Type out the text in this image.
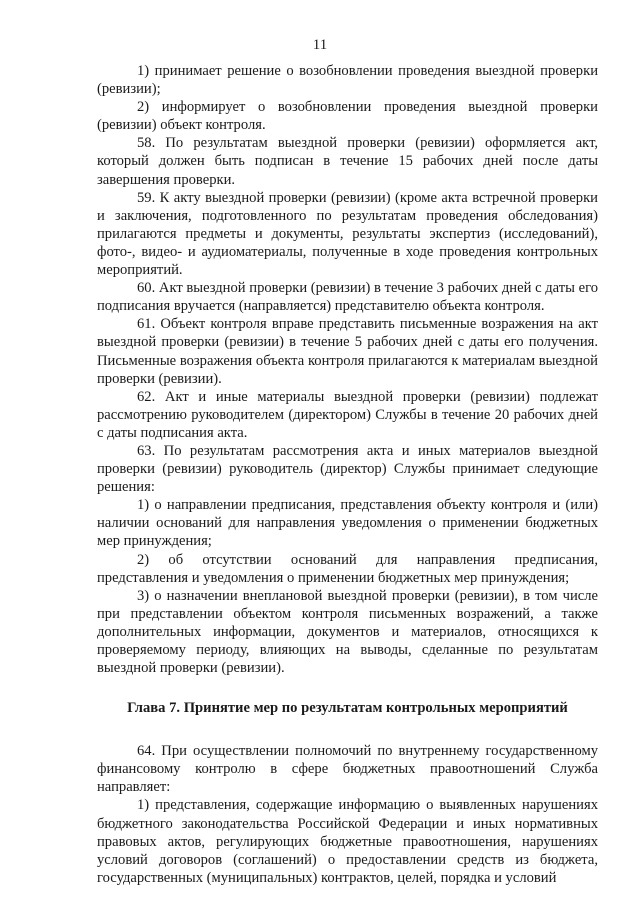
11

1) принимает решение о возобновлении проведения выездной проверки (ревизии);

2) информирует о возобновлении проведения выездной проверки (ревизии) объект контроля.

58. По результатам выездной проверки (ревизии) оформляется акт, который должен быть подписан в течение 15 рабочих дней после даты завершения проверки.

59. К акту выездной проверки (ревизии) (кроме акта встречной проверки и заключения, подготовленного по результатам проведения обследования) прилагаются предметы и документы, результаты экспертиз (исследований), фото-, видео- и аудиоматериалы, полученные в ходе проведения контрольных мероприятий.

60. Акт выездной проверки (ревизии) в течение 3 рабочих дней с даты его подписания вручается (направляется) представителю объекта контроля.

61. Объект контроля вправе представить письменные возражения на акт выездной проверки (ревизии) в течение 5 рабочих дней с даты его получения. Письменные возражения объекта контроля прилагаются к материалам выездной проверки (ревизии).

62. Акт и иные материалы выездной проверки (ревизии) подлежат рассмотрению руководителем (директором) Службы в течение 20 рабочих дней с даты подписания акта.

63. По результатам рассмотрения акта и иных материалов выездной проверки (ревизии) руководитель (директор) Службы принимает следующие решения:

1) о направлении предписания, представления объекту контроля и (или) наличии оснований для направления уведомления о применении бюджетных мер принуждения;

2) об отсутствии оснований для направления предписания, представления и уведомления о применении бюджетных мер принуждения;

3) о назначении внеплановой выездной проверки (ревизии), в том числе при представлении объектом контроля письменных возражений, а также дополнительных информации, документов и материалов, относящихся к проверяемому периоду, влияющих на выводы, сделанные по результатам выездной проверки (ревизии).

Глава 7. Принятие мер по результатам контрольных мероприятий

64. При осуществлении полномочий по внутреннему государственному финансовому контролю в сфере бюджетных правоотношений Служба направляет:

1) представления, содержащие информацию о выявленных нарушениях бюджетного законодательства Российской Федерации и иных нормативных правовых актов, регулирующих бюджетные правоотношения, нарушениях условий договоров (соглашений) о предоставлении средств из бюджета, государственных (муниципальных) контрактов, целей, порядка и условий
